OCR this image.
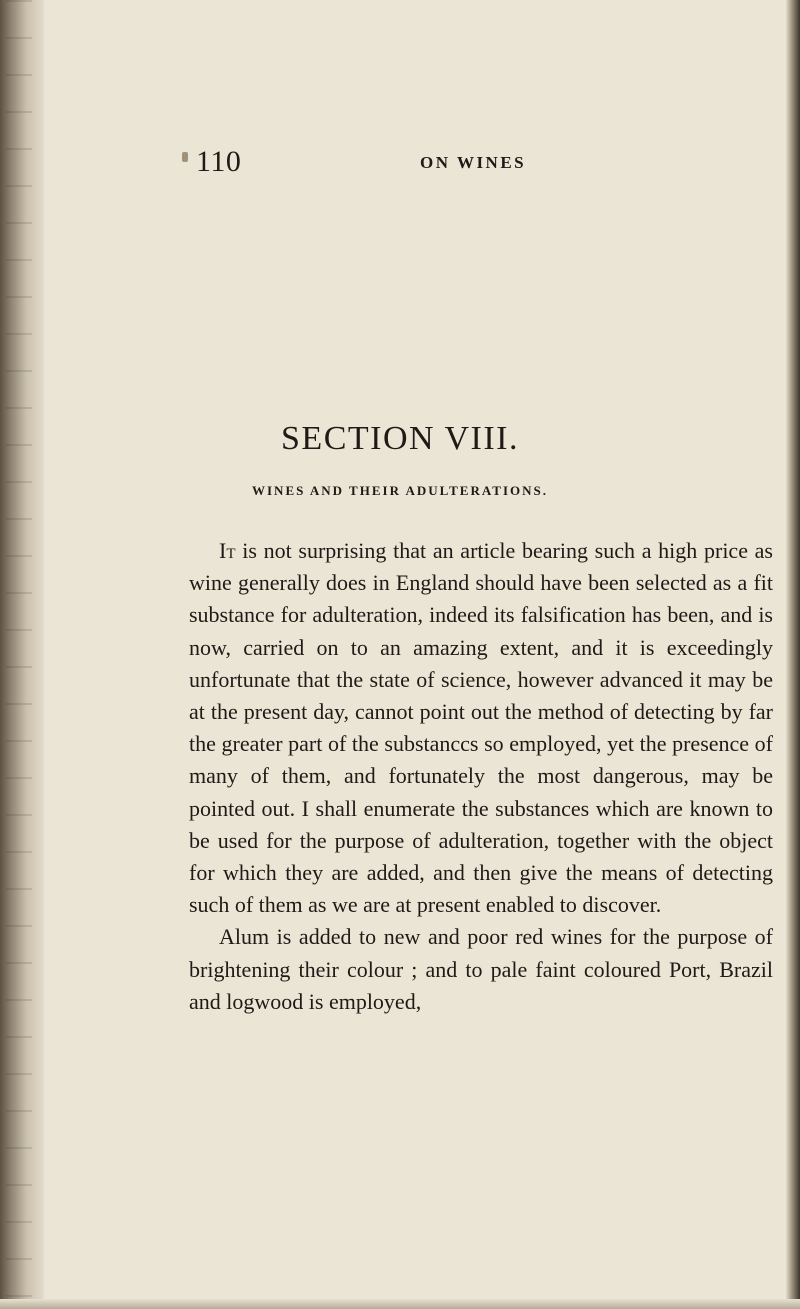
110	ON WINES
SECTION VIII.
WINES AND THEIR ADULTERATIONS.

It is not surprising that an article bearing such a high price as wine generally does in England should have been selected as a fit substance for adulteration, indeed its falsification has been, and is now, carried on to an amazing extent, and it is exceedingly unfortunate that the state of science, however advanced it may be at the present day, cannot point out the method of detecting by far the greater part of the substanccs so employed, yet the presence of many of them, and fortunately the most dangerous, may be pointed out. I shall enumerate the substances which are known to be used for the purpose of adulteration, together with the object for which they are added, and then give the means of detecting such of them as we are at present enabled to discover.

Alum is added to new and poor red wines for the purpose of brightening their colour ; and to pale faint coloured Port, Brazil and logwood is employed,
